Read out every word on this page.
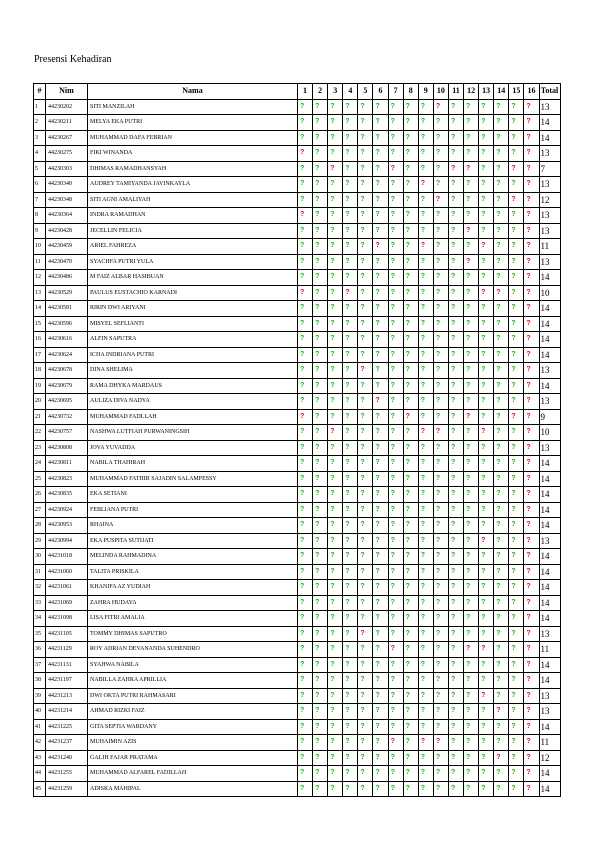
Presensi Kehadiran
#	Nim	Nama	1	2	3	4	5	6	7	8	9	10	11	12	13	14	15	16	Total
1	44230202	SITI MANZILAH	?	?	?	?	?	?	?	?	?	?	?	?	?	?	?	?	13
2	44230211	MELYA EKA PUTRI	?	?	?	?	?	?	?	?	?	?	?	?	?	?	?	?	14
3	44230267	MUHAMMAD DAFA FEBRIAN	?	?	?	?	?	?	?	?	?	?	?	?	?	?	?	?	14
4	44230275	FIKI WINANDA	?	?	?	?	?	?	?	?	?	?	?	?	?	?	?	?	13
5	44230303	DHIMAS RAMADHANSYAH	?	?	?	?	?	?	?	?	?	?	?	?	?	?	?	?	7
6	44230340	AUDREY TAMIYANDA JAVINKAYLA	?	?	?	?	?	?	?	?	?	?	?	?	?	?	?	?	13
7	44230348	SITI AGNI AMALIYAH	?	?	?	?	?	?	?	?	?	?	?	?	?	?	?	?	12
8	44230364	INDRA RAMADHAN	?	?	?	?	?	?	?	?	?	?	?	?	?	?	?	?	13
9	44230428	JECELLIN FELICIA	?	?	?	?	?	?	?	?	?	?	?	?	?	?	?	?	13
10	44230459	ARIEL FAHREZA	?	?	?	?	?	?	?	?	?	?	?	?	?	?	?	?	11
11	44230470	SYACHFA PUTRI YULA	?	?	?	?	?	?	?	?	?	?	?	?	?	?	?	?	13
12	44230486	M FAIZ ALBAR HASIBUAN	?	?	?	?	?	?	?	?	?	?	?	?	?	?	?	?	14
13	44230529	PAULUS EUSTACHIO KARNADI	?	?	?	?	?	?	?	?	?	?	?	?	?	?	?	?	10
14	44230581	RIRIN DWI ARIYANI	?	?	?	?	?	?	?	?	?	?	?	?	?	?	?	?	14
15	44230596	MISYEL SEFLIANTI	?	?	?	?	?	?	?	?	?	?	?	?	?	?	?	?	14
16	44230616	ALFIN SAPUTRA	?	?	?	?	?	?	?	?	?	?	?	?	?	?	?	?	14
17	44230624	ICHA INDRIANA PUTRI	?	?	?	?	?	?	?	?	?	?	?	?	?	?	?	?	14
18	44230678	DINA SHELIMA	?	?	?	?	?	?	?	?	?	?	?	?	?	?	?	?	13
19	44230679	RAMA DHYKA MARDAUS	?	?	?	?	?	?	?	?	?	?	?	?	?	?	?	?	14
20	44230695	AULIZA DIVA NADYA	?	?	?	?	?	?	?	?	?	?	?	?	?	?	?	?	13
21	44230732	MUHAMMAD FADLLAH	?	?	?	?	?	?	?	?	?	?	?	?	?	?	?	?	9
22	44230757	NASHWA LUTFIAH PURWANINGSIH	?	?	?	?	?	?	?	?	?	?	?	?	?	?	?	?	10
23	44230808	JOVA YUVADDA	?	?	?	?	?	?	?	?	?	?	?	?	?	?	?	?	13
24	44230811	NABILA THAHIRAH	?	?	?	?	?	?	?	?	?	?	?	?	?	?	?	?	14
25	44230823	MUHAMMAD FATHIR SAJADIN SALAMPESSY	?	?	?	?	?	?	?	?	?	?	?	?	?	?	?	?	14
26	44230835	EKA SETIANI	?	?	?	?	?	?	?	?	?	?	?	?	?	?	?	?	14
27	44230924	FEBLIANA PUTRI	?	?	?	?	?	?	?	?	?	?	?	?	?	?	?	?	14
28	44230953	RHAINA	?	?	?	?	?	?	?	?	?	?	?	?	?	?	?	?	14
29	44230994	EKA PUSPITA SUTIJATI	?	?	?	?	?	?	?	?	?	?	?	?	?	?	?	?	13
30	44231018	MELINDA RAHMADINA	?	?	?	?	?	?	?	?	?	?	?	?	?	?	?	?	14
31	44231060	TALITA PRISKILA	?	?	?	?	?	?	?	?	?	?	?	?	?	?	?	?	14
32	44231061	KHANIFA AZ YUDIAH	?	?	?	?	?	?	?	?	?	?	?	?	?	?	?	?	14
33	44231069	ZAHRA HUDAYA	?	?	?	?	?	?	?	?	?	?	?	?	?	?	?	?	14
34	44231098	LISA FITRI AMALIA	?	?	?	?	?	?	?	?	?	?	?	?	?	?	?	?	14
35	44231105	TOMMY DHIMAS SAPUTRO	?	?	?	?	?	?	?	?	?	?	?	?	?	?	?	?	13
36	44231129	ROY ADRIAN DEVANANDA SUHENDRO	?	?	?	?	?	?	?	?	?	?	?	?	?	?	?	?	11
37	44231131	SYAHWA NABILA	?	?	?	?	?	?	?	?	?	?	?	?	?	?	?	?	14
38	44231197	NABILLA ZAHRA APRILLIA	?	?	?	?	?	?	?	?	?	?	?	?	?	?	?	?	14
39	44231213	DWI OKTA PUTRI RAHMASARI	?	?	?	?	?	?	?	?	?	?	?	?	?	?	?	?	13
40	44231214	AHMAD RIZKI FAIZ	?	?	?	?	?	?	?	?	?	?	?	?	?	?	?	?	13
41	44231225	GITA SEPTIA WARDANY	?	?	?	?	?	?	?	?	?	?	?	?	?	?	?	?	14
42	44231237	MUHAIMIN AZIS	?	?	?	?	?	?	?	?	?	?	?	?	?	?	?	?	11
43	44231240	GALIH FAJAR PRATAMA	?	?	?	?	?	?	?	?	?	?	?	?	?	?	?	?	12
44	44231255	MUHAMMAD ALFAREL FADILLAH	?	?	?	?	?	?	?	?	?	?	?	?	?	?	?	?	14
45	44231259	ADISKA MAHIPAL	?	?	?	?	?	?	?	?	?	?	?	?	?	?	?	?	14
